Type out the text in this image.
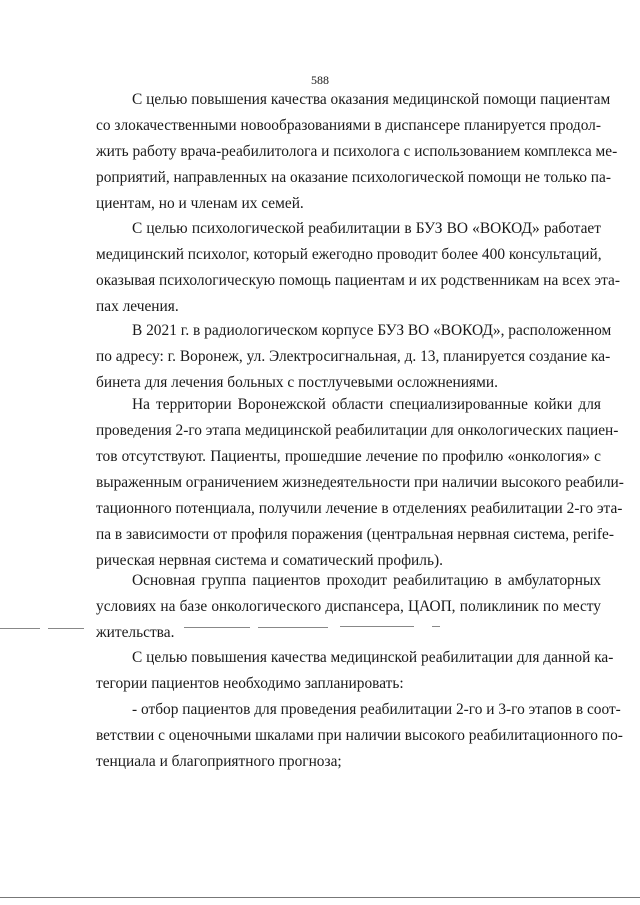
588
С целью повышения качества оказания медицинской помощи пациентам
со злокачественными новообразованиями в диспансере планируется продол-
жить работу врача-реабилитолога и психолога с использованием комплекса ме-
роприятий, направленных на оказание психологической помощи не только па-
циентам, но и членам их семей.
С целью психологической реабилитации в БУЗ ВО «ВОКОД» работает
медицинский психолог, который ежегодно проводит более 400 консультаций,
оказывая психологическую помощь пациентам и их родственникам на всех эта-
пах лечения.
В 2021 г. в радиологическом корпусе БУЗ ВО «ВОКОД», расположенном
по адресу: г. Воронеж, ул. Электросигнальная, д. 13, планируется создание ка-
бинета для лечения больных с постлучевыми осложнениями.
На территории Воронежской области специализированные койки для
проведения 2-го этапа медицинской реабилитации для онкологических пациен-
тов отсутствуют. Пациенты, прошедшие лечение по профилю «онкология» с
выраженным ограничением жизнедеятельности при наличии высокого реабили-
тационного потенциала, получили лечение в отделениях реабилитации 2-го эта-
па в зависимости от профиля поражения (центральная нервная система, perife-
рическая нервная система и соматический профиль).
Основная группа пациентов проходит реабилитацию в амбулаторных
условиях на базе онкологического диспансера, ЦАОП, поликлиник по месту
жительства.
С целью повышения качества медицинской реабилитации для данной ка-
тегории пациентов необходимо запланировать:
- отбор пациентов для проведения реабилитации 2-го и 3-го этапов в соот-
ветствии с оценочными шкалами при наличии высокого реабилитационного по-
тенциала и благоприятного прогноза;
